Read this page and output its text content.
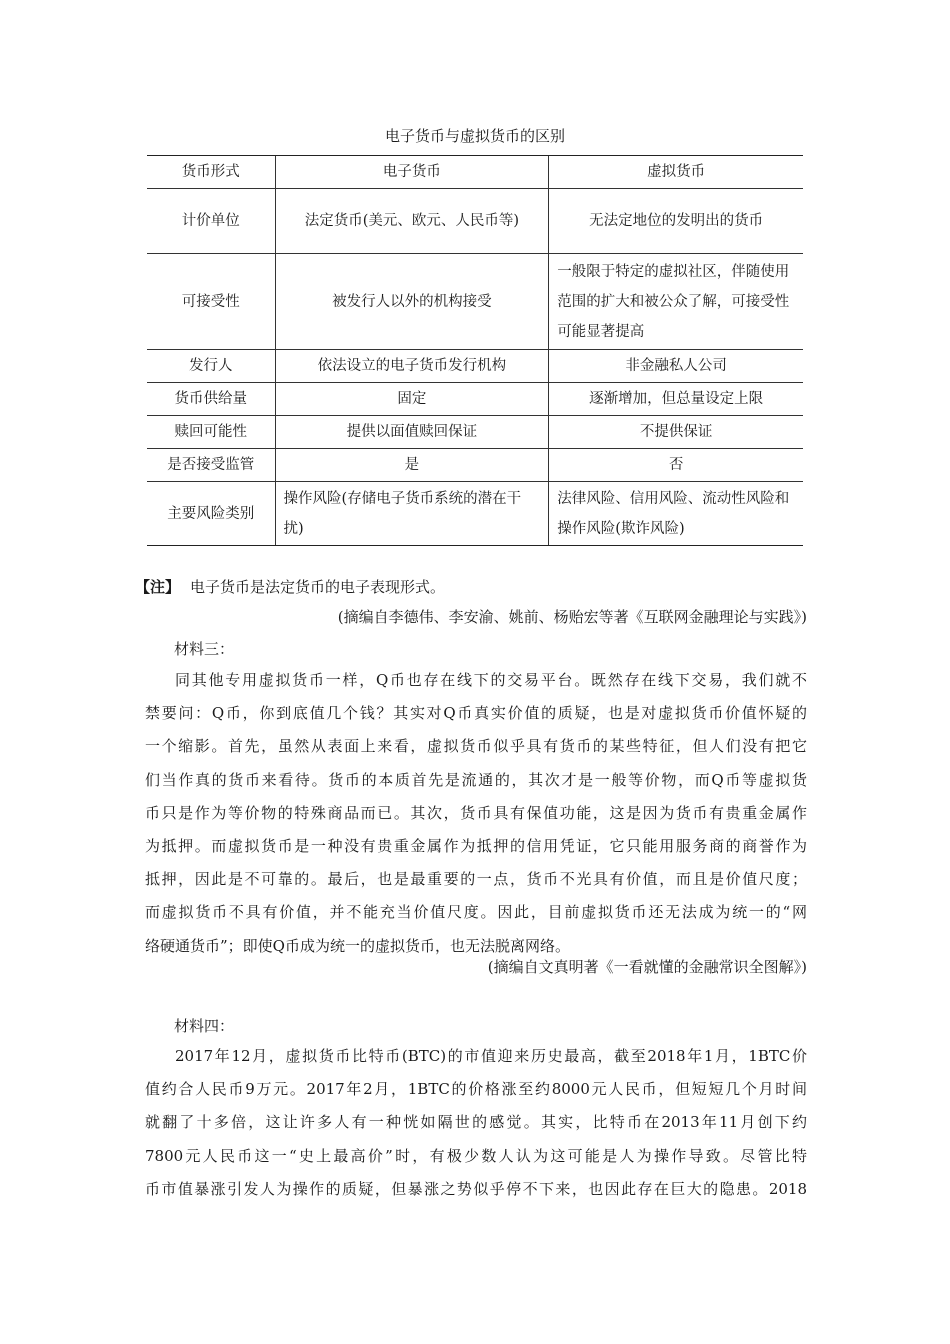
电子货币与虚拟货币的区别
货币形式	电子货币	虚拟货币
计价单位	法定货币(美元、欧元、人民币等)	无法定地位的发明出的货币
可接受性	被发行人以外的机构接受	一般限于特定的虚拟社区，伴随使用范围的扩大和被公众了解，可接受性可能显著提高
发行人	依法设立的电子货币发行机构	非金融私人公司
货币供给量	固定	逐渐增加，但总量设定上限
赎回可能性	提供以面值赎回保证	不提供保证
是否接受监管	是	否
主要风险类别	操作风险(存储电子货币系统的潜在干扰)	法律风险、信用风险、流动性风险和操作风险(欺诈风险)
【注】 电子货币是法定货币的电子表现形式。
(摘编自李德伟、李安渝、姚前、杨贻宏等著《互联网金融理论与实践》)
材料三：
同其他专用虚拟货币一样，Q币也存在线下的交易平台。既然存在线下交易，我们就不
禁要问：Q币，你到底值几个钱？其实对Q币真实价值的质疑，也是对虚拟货币价值怀疑的
一个缩影。首先，虽然从表面上来看，虚拟货币似乎具有货币的某些特征，但人们没有把它
们当作真的货币来看待。货币的本质首先是流通的，其次才是一般等价物，而Q币等虚拟货
币只是作为等价物的特殊商品而已。其次，货币具有保值功能，这是因为货币有贵重金属作
为抵押。而虚拟货币是一种没有贵重金属作为抵押的信用凭证，它只能用服务商的商誉作为
抵押，因此是不可靠的。最后，也是最重要的一点，货币不光具有价值，而且是价值尺度；
而虚拟货币不具有价值，并不能充当价值尺度。因此，目前虚拟货币还无法成为统一的“网
络硬通货币”；即使Q币成为统一的虚拟货币，也无法脱离网络。
(摘编自文真明著《一看就懂的金融常识全图解》)
材料四：
2017年12月，虚拟货币比特币(BTC)的市值迎来历史最高，截至2018年1月，1BTC价
值约合人民币9万元。2017年2月，1BTC的价格涨至约8000元人民币，但短短几个月时间
就翻了十多倍，这让许多人有一种恍如隔世的感觉。其实，比特币在2013年11月创下约
7800元人民币这一“史上最高价”时，有极少数人认为这可能是人为操作导致。尽管比特
币市值暴涨引发人为操作的质疑，但暴涨之势似乎停不下来，也因此存在巨大的隐患。2018
